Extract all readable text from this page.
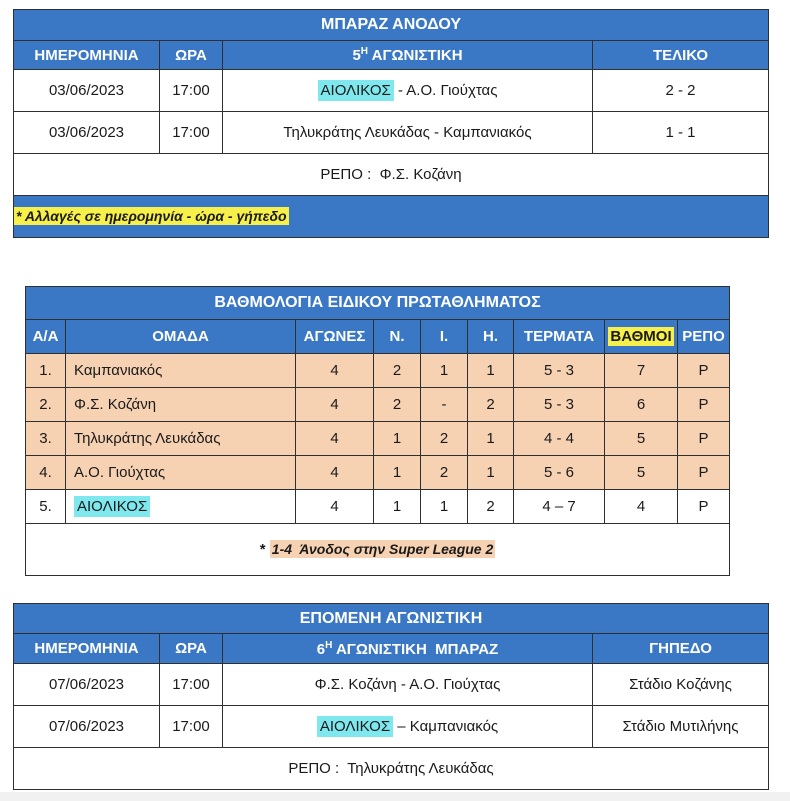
ΜΠΑΡΑΖ ΑΝΟΔΟΥ			
ΗΜΕΡΟΜΗΝΙΑ	ΩΡΑ	$5^H$ ΑΓΩΝΙΣΤΙΚΗ	ΤΕΛΙΚΟ
03/06/2023	17:00	ΑΙΟΛΙΚΟΣ - Α.Ο. Γιούχτας	2 - 2
03/06/2023	17:00	Τηλυκράτης Λευκάδας - Καμπανιακός	1 - 1
ΡΕΠΟ :  Φ.Σ. Κοζάνη			
* Αλλαγές σε ημερομηνία - ώρα - γήπεδο			
ΒΑΘΜΟΛΟΓΙΑ ΕΙΔΙΚΟΥ ΠΡΩΤΑΘΛΗΜΑΤΟΣ								
Α/Α	ΟΜΑΔΑ	ΑΓΩΝΕΣ	Ν.	Ι.	Η.	ΤΕΡΜΑΤΑ	ΒΑΘΜΟΙ	ΡΕΠΟ
1.	Καμπανιακός	4	2	1	1	5 - 3	7	Ρ
2.	Φ.Σ. Κοζάνη	4	2	-	2	5 - 3	6	Ρ
3.	Τηλυκράτης Λευκάδας	4	1	2	1	4 - 4	5	Ρ
4.	Α.Ο. Γιούχτας	4	1	2	1	5 - 6	5	Ρ
5.	ΑΙΟΛΙΚΟΣ	4	1	1	2	4 – 7	4	Ρ
* 1-4  Άνοδος στην Super League 2								
ΕΠΟΜΕΝΗ ΑΓΩΝΙΣΤΙΚΗ			
ΗΜΕΡΟΜΗΝΙΑ	ΩΡΑ	$6^H$ ΑΓΩΝΙΣΤΙΚΗ  ΜΠΑΡΑΖ	ΓΗΠΕΔΟ
07/06/2023	17:00	Φ.Σ. Κοζάνη - Α.Ο. Γιούχτας	Στάδιο Κοζάνης
07/06/2023	17:00	ΑΙΟΛΙΚΟΣ – Καμπανιακός	Στάδιο Μυτιλήνης
ΡΕΠΟ :  Τηλυκράτης Λευκάδας			
